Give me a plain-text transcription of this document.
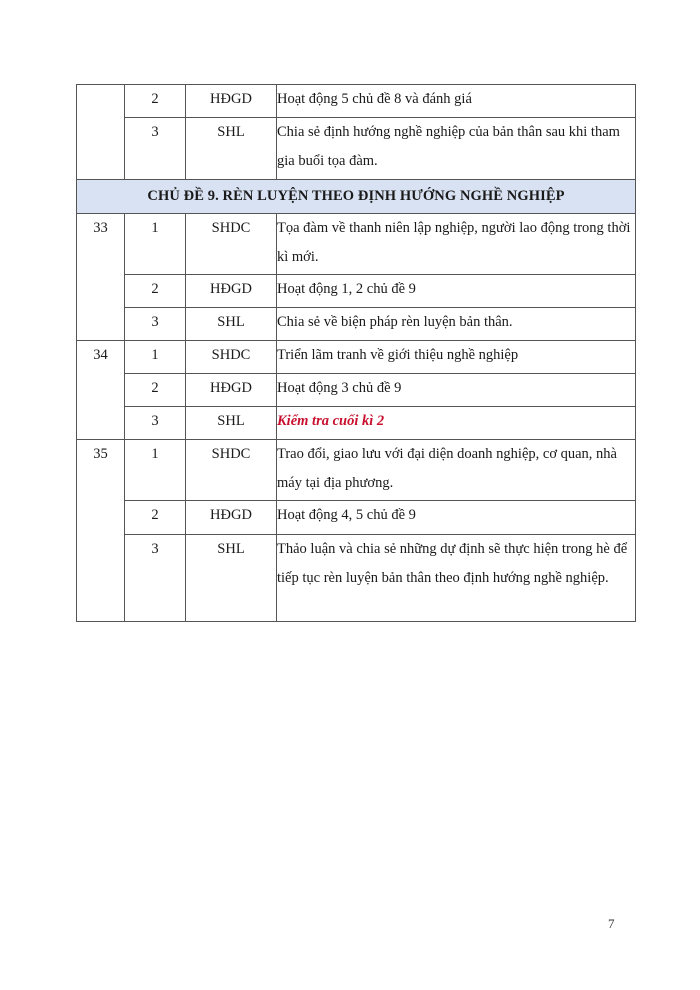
	2	HĐGD	Hoạt động 5 chủ đề 8 và đánh giá
	3	SHL	Chia sẻ định hướng nghề nghiệp của bản thân sau khi tham gia buổi tọa đàm.
CHỦ ĐỀ 9. RÈN LUYỆN THEO ĐỊNH HƯỚNG NGHỀ NGHIỆP			
33	1	SHDC	Tọa đàm về thanh niên lập nghiệp, người lao động trong thời kì mới.
	2	HĐGD	Hoạt động 1, 2 chủ đề 9
	3	SHL	Chia sẻ về biện pháp rèn luyện bản thân.
34	1	SHDC	Triển lãm tranh về giới thiệu nghề nghiệp
	2	HĐGD	Hoạt động 3 chủ đề 9
	3	SHL	Kiểm tra cuối kì 2
35	1	SHDC	Trao đổi, giao lưu với đại diện doanh nghiệp, cơ quan, nhà máy tại địa phương.
	2	HĐGD	Hoạt động 4, 5 chủ đề 9
	3	SHL	Thảo luận và chia sẻ những dự định sẽ thực hiện trong hè để tiếp tục rèn luyện bản thân theo định hướng nghề nghiệp.
7
